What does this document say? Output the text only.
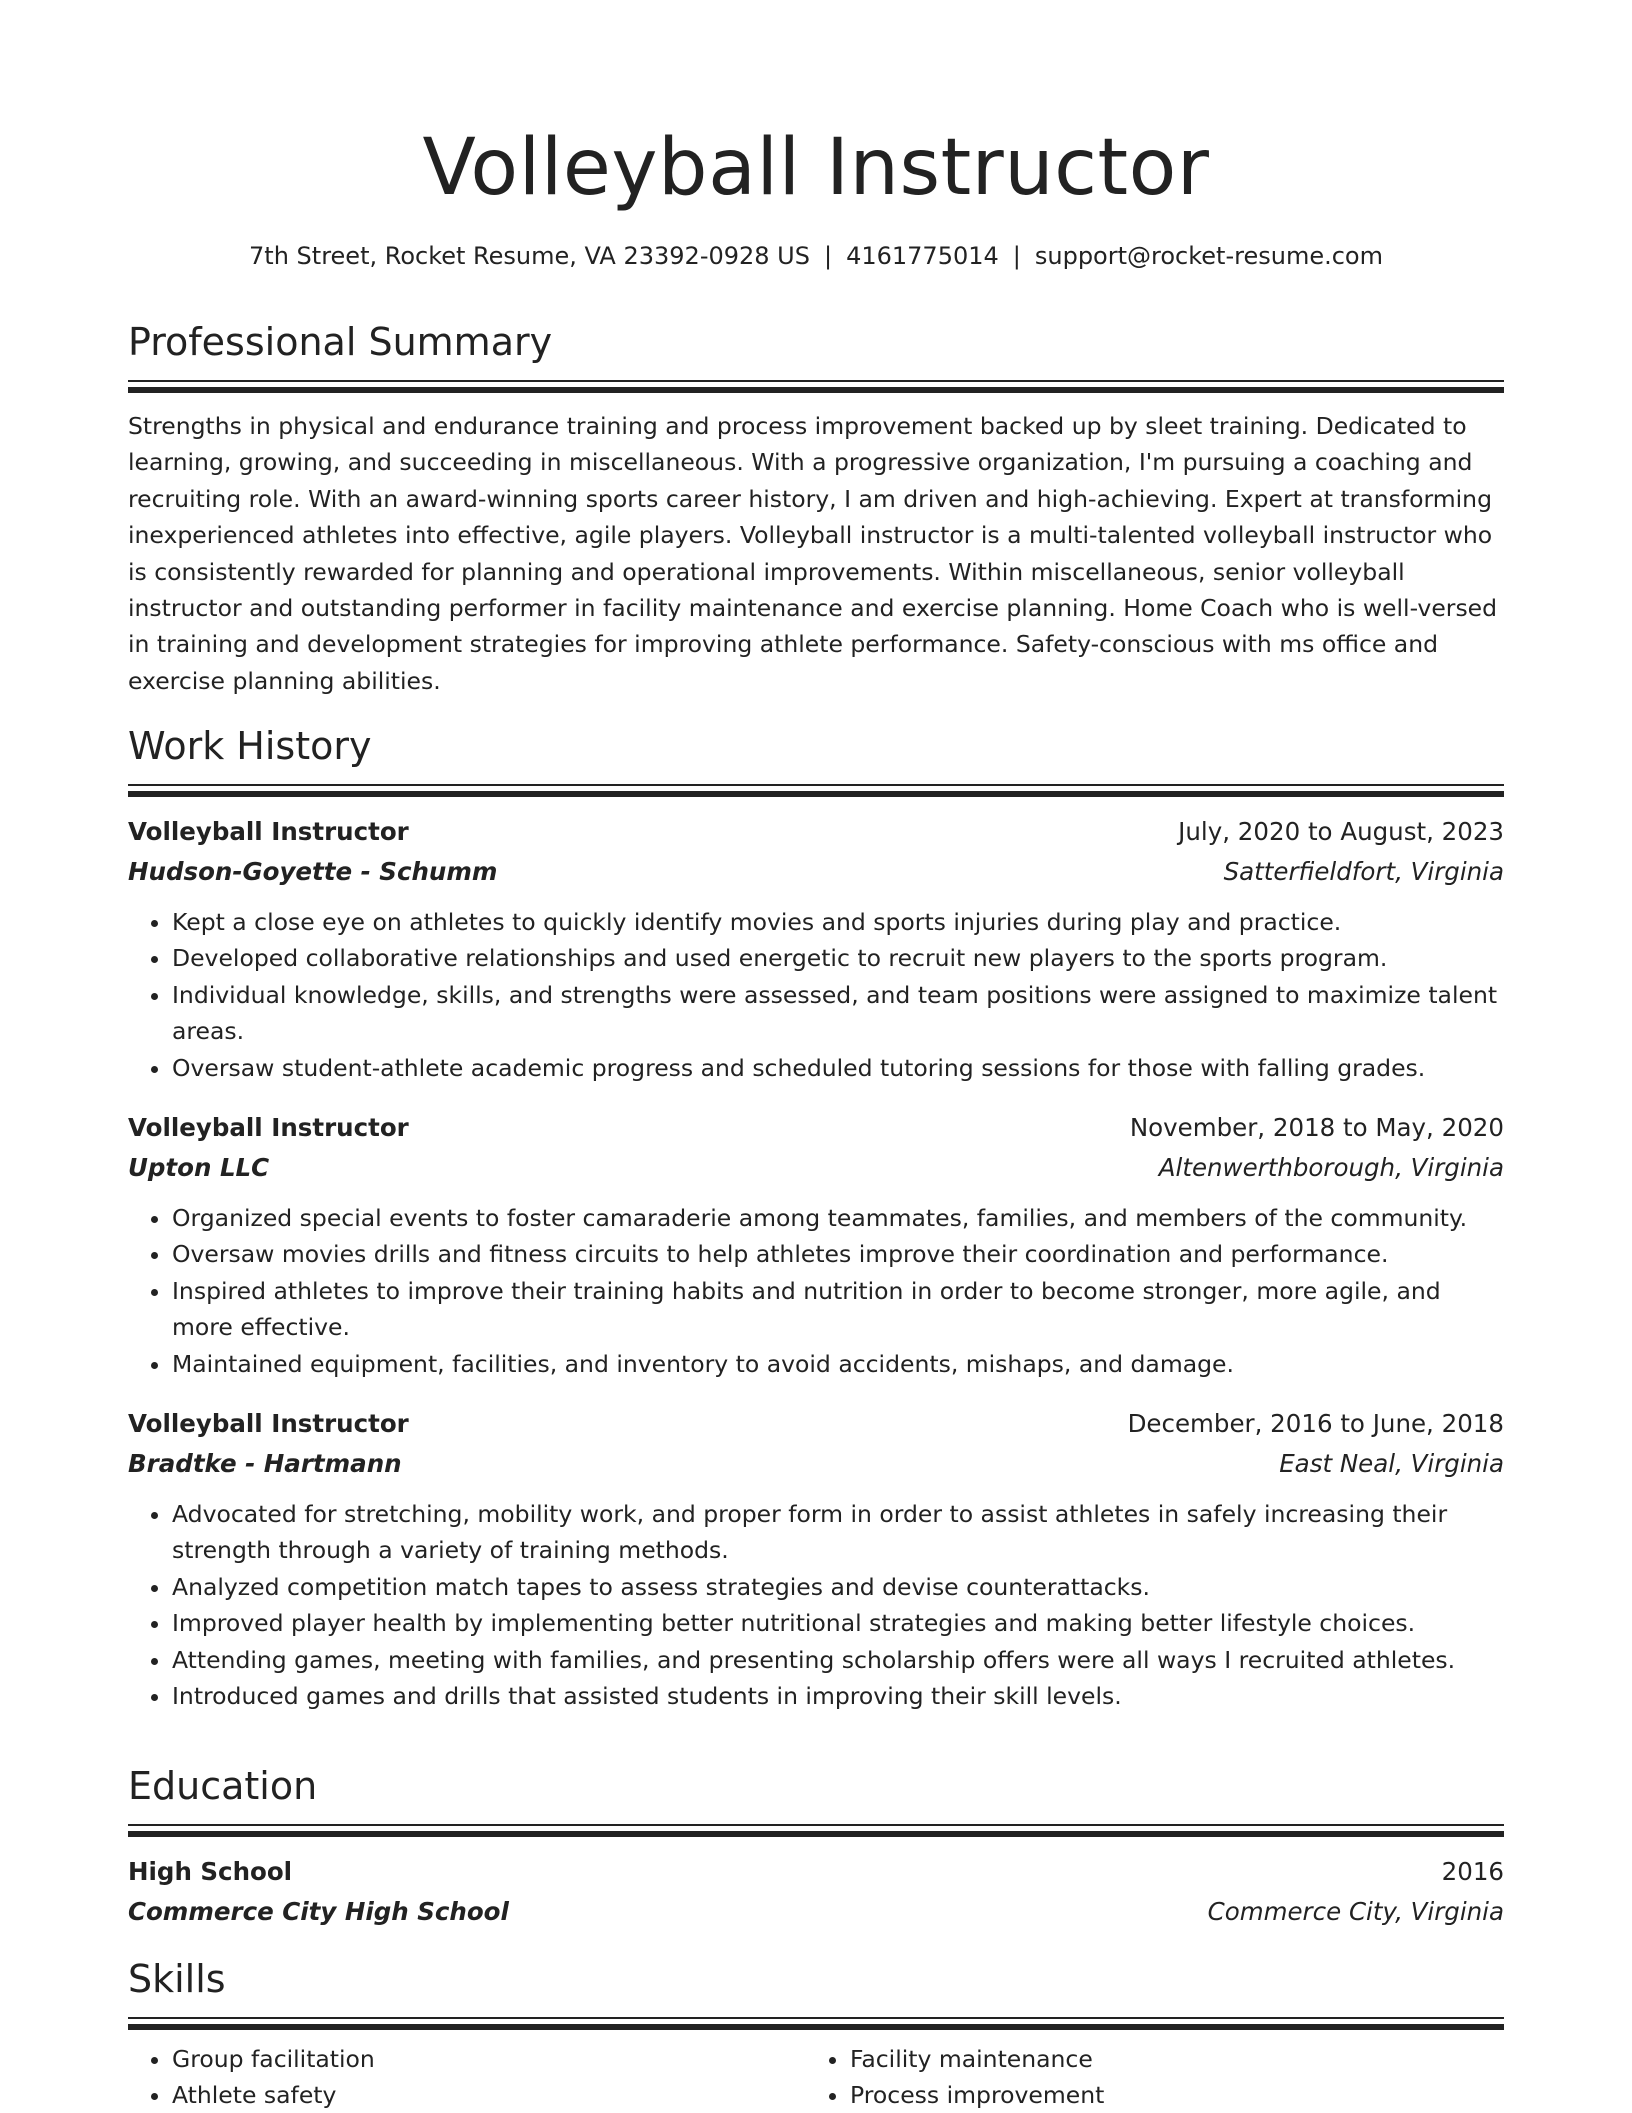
Volleyball Instructor
7th Street, Rocket Resume, VA 23392-0928 US | 4161775014 | support@rocket-resume.com
Professional Summary
Strengths in physical and endurance training and process improvement backed up by sleet training. Dedicated to learning, growing, and succeeding in miscellaneous. With a progressive organization, I'm pursuing a coaching and recruiting role. With an award-winning sports career history, I am driven and high-achieving. Expert at transforming inexperienced athletes into effective, agile players. Volleyball instructor is a multi-talented volleyball instructor who is consistently rewarded for planning and operational improvements. Within miscellaneous, senior volleyball instructor and outstanding performer in facility maintenance and exercise planning. Home Coach who is well-versed in training and development strategies for improving athlete performance. Safety-conscious with ms office and exercise planning abilities.
Work History
Volleyball Instructor	July, 2020 to August, 2023
Hudson-Goyette - Schumm	Satterfieldfort, Virginia
• Kept a close eye on athletes to quickly identify movies and sports injuries during play and practice.
• Developed collaborative relationships and used energetic to recruit new players to the sports program.
• Individual knowledge, skills, and strengths were assessed, and team positions were assigned to maximize talent areas.
• Oversaw student-athlete academic progress and scheduled tutoring sessions for those with falling grades.
Volleyball Instructor	November, 2018 to May, 2020
Upton LLC	Altenwerthborough, Virginia
• Organized special events to foster camaraderie among teammates, families, and members of the community.
• Oversaw movies drills and fitness circuits to help athletes improve their coordination and performance.
• Inspired athletes to improve their training habits and nutrition in order to become stronger, more agile, and more effective.
• Maintained equipment, facilities, and inventory to avoid accidents, mishaps, and damage.
Volleyball Instructor	December, 2016 to June, 2018
Bradtke - Hartmann	East Neal, Virginia
• Advocated for stretching, mobility work, and proper form in order to assist athletes in safely increasing their strength through a variety of training methods.
• Analyzed competition match tapes to assess strategies and devise counterattacks.
• Improved player health by implementing better nutritional strategies and making better lifestyle choices.
• Attending games, meeting with families, and presenting scholarship offers were all ways I recruited athletes.
• Introduced games and drills that assisted students in improving their skill levels.
Education
High School	2016
Commerce City High School	Commerce City, Virginia
Skills
• Group facilitation
• Athlete safety
• Facility maintenance
• Process improvement
